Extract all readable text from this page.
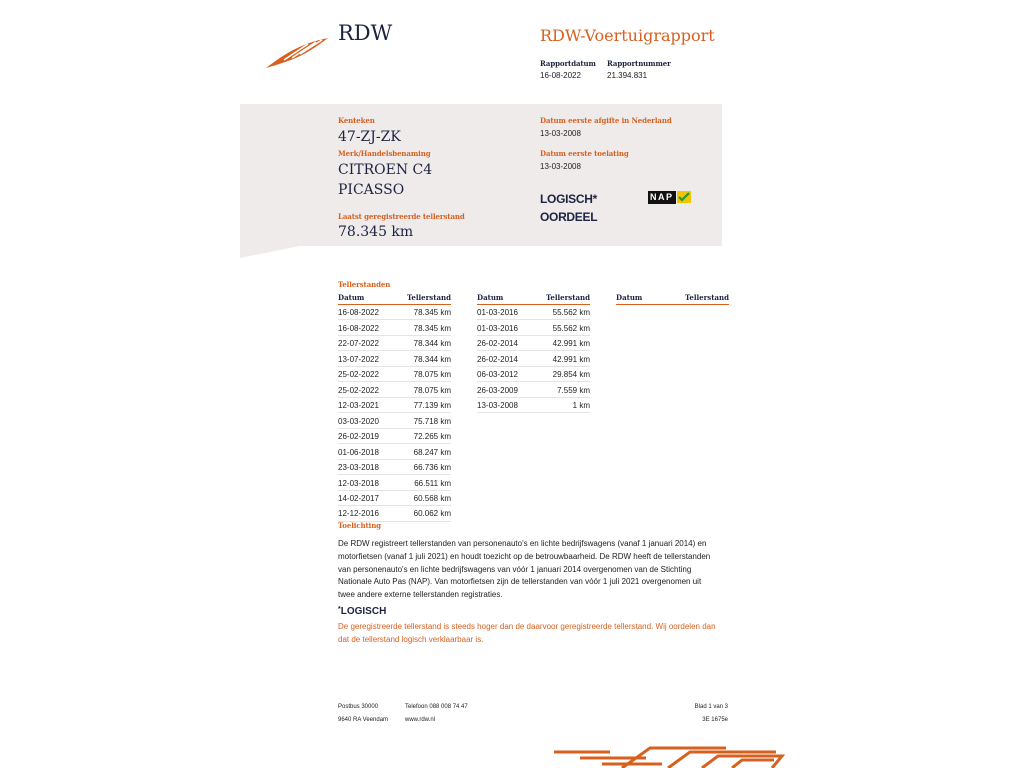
RDW	RDW-Voertuigrapport
Rapportdatum
16-08-2022
Rapportnummer
21.394.831
Kenteken
47-ZJ-ZK
Merk/Handelsbenaming
CITROEN C4
PICASSO
Laatst geregistreerde tellerstand
78.345 km
Datum eerste afgifte in Nederland
13-03-2008
Datum eerste toelating
13-03-2008
LOGISCH*
OORDEEL
NAP
Tellerstanden
Datum	Tellerstand
16-08-2022	78.345 km
16-08-2022	78.345 km
22-07-2022	78.344 km
13-07-2022	78.344 km
25-02-2022	78.075 km
25-02-2022	78.075 km
12-03-2021	77.139 km
03-03-2020	75.718 km
26-02-2019	72.265 km
01-06-2018	68.247 km
23-03-2018	66.736 km
12-03-2018	66.511 km
14-02-2017	60.568 km
12-12-2016	60.062 km
Datum	Tellerstand
01-03-2016	55.562 km
01-03-2016	55.562 km
26-02-2014	42.991 km
26-02-2014	42.991 km
06-03-2012	29.854 km
26-03-2009	7.559 km
13-03-2008	1 km
Datum	Tellerstand
Toelichting
De RDW registreert tellerstanden van personenauto's en lichte bedrijfswagens (vanaf 1 januari 2014) en
motorfietsen (vanaf 1 juli 2021) en houdt toezicht op de betrouwbaarheid. De RDW heeft de tellerstanden
van personenauto's en lichte bedrijfswagens van vóór 1 januari 2014 overgenomen van de Stichting
Nationale Auto Pas (NAP). Van motorfietsen zijn de tellerstanden van vóór 1 juli 2021 overgenomen uit
twee andere externe tellerstanden registraties.
*LOGISCH
De geregistreerde tellerstand is steeds hoger dan de daarvoor geregistreerde tellerstand. Wij oordelen dan
dat de tellerstand logisch verklaarbaar is.
Postbus 30000
9640 RA Veendam
Telefoon 088 008 74 47
www.rdw.nl
Blad 1 van 3
3E 1675e
